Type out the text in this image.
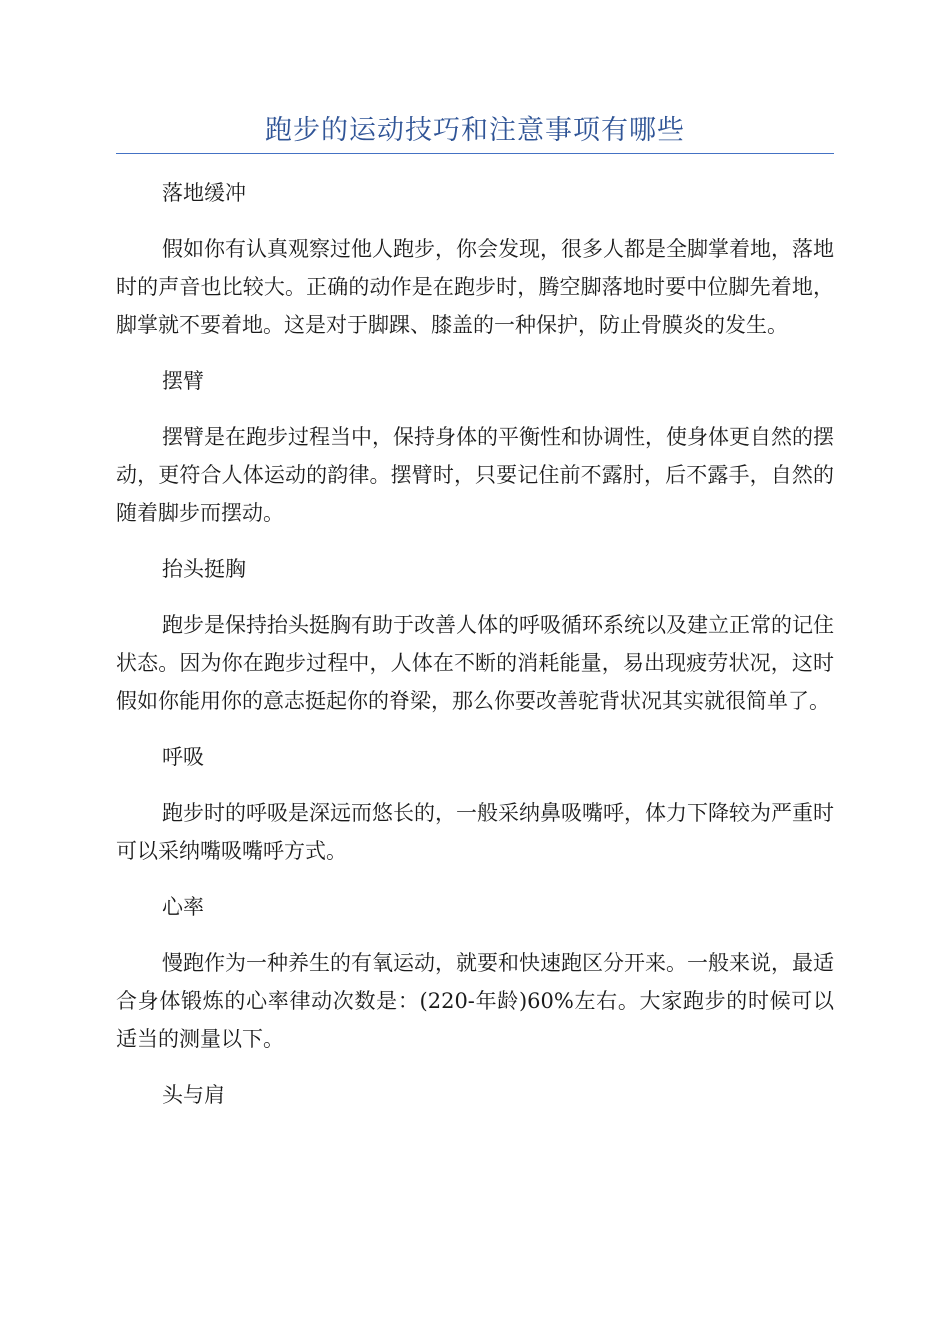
跑步的运动技巧和注意事项有哪些

落地缓冲

假如你有认真观察过他人跑步，你会发现，很多人都是全脚掌着地，落地时的声音也比较大。正确的动作是在跑步时，腾空脚落地时要中位脚先着地，脚掌就不要着地。这是对于脚踝、膝盖的一种保护，防止骨膜炎的发生。

摆臂

摆臂是在跑步过程当中，保持身体的平衡性和协调性，使身体更自然的摆动，更符合人体运动的韵律。摆臂时，只要记住前不露肘，后不露手，自然的随着脚步而摆动。

抬头挺胸

跑步是保持抬头挺胸有助于改善人体的呼吸循环系统以及建立正常的记住状态。因为你在跑步过程中，人体在不断的消耗能量，易出现疲劳状况，这时假如你能用你的意志挺起你的脊梁，那么你要改善驼背状况其实就很简单了。

呼吸

跑步时的呼吸是深远而悠长的，一般采纳鼻吸嘴呼，体力下降较为严重时可以采纳嘴吸嘴呼方式。

心率

慢跑作为一种养生的有氧运动，就要和快速跑区分开来。一般来说，最适合身体锻炼的心率律动次数是：(220-年龄)60%左右。大家跑步的时候可以适当的测量以下。

头与肩
